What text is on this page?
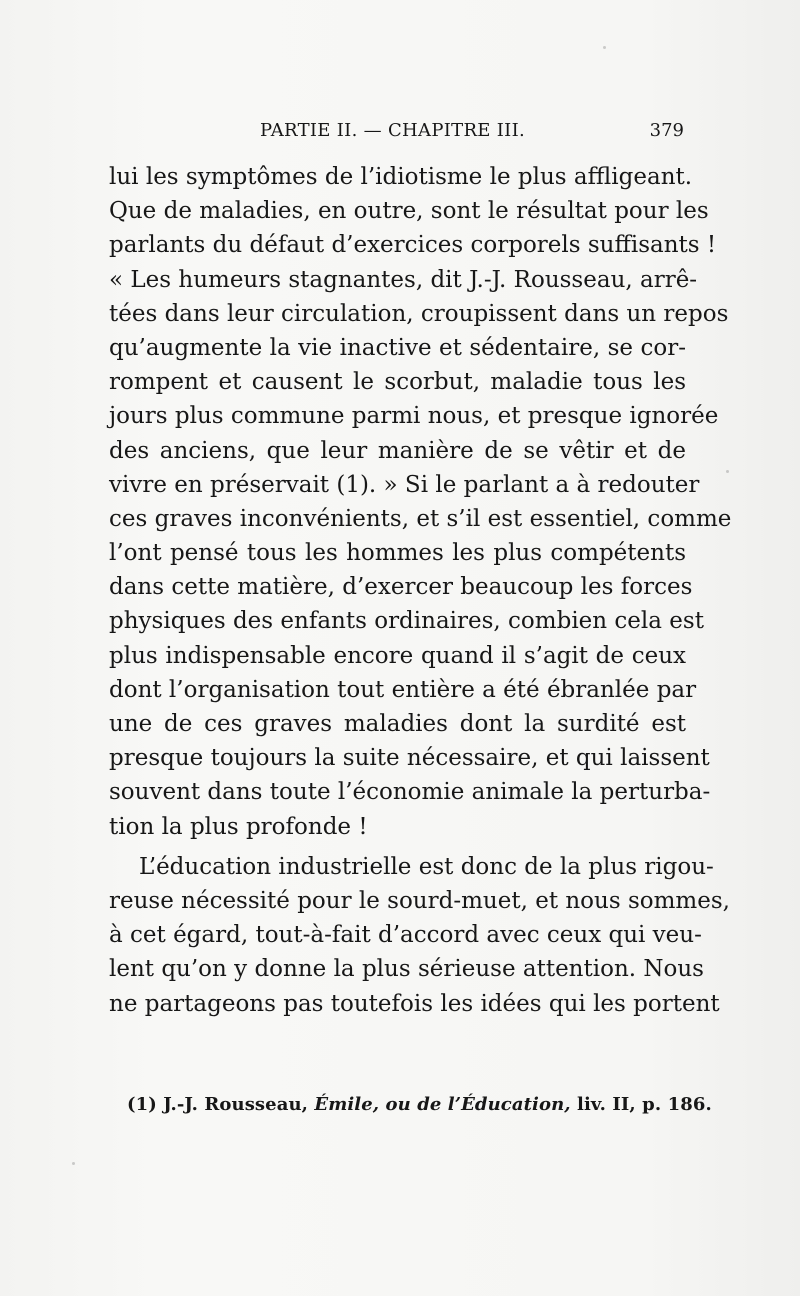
PARTIE II. — CHAPITRE III.	379
lui les symptômes de l’idiotisme le plus affligeant.
Que de maladies, en outre, sont le résultat pour les
parlants du défaut d’exercices corporels suffisants !
« Les humeurs stagnantes, dit J.-J. Rousseau, arrê-
tées dans leur circulation, croupissent dans un repos
qu’augmente la vie inactive et sédentaire, se cor-
rompent et causent le scorbut, maladie tous les
jours plus commune parmi nous, et presque ignorée
des anciens, que leur manière de se vêtir et de
vivre en préservait (1). » Si le parlant a à redouter
ces graves inconvénients, et s’il est essentiel, comme
l’ont pensé tous les hommes les plus compétents
dans cette matière, d’exercer beaucoup les forces
physiques des enfants ordinaires, combien cela est
plus indispensable encore quand il s’agit de ceux
dont l’organisation tout entière a été ébranlée par
une de ces graves maladies dont la surdité est
presque toujours la suite nécessaire, et qui laissent
souvent dans toute l’économie animale la perturba-
tion la plus profonde !
L’éducation industrielle est donc de la plus rigou-
reuse nécessité pour le sourd-muet, et nous sommes,
à cet égard, tout-à-fait d’accord avec ceux qui veu-
lent qu’on y donne la plus sérieuse attention. Nous
ne partageons pas toutefois les idées qui les portent
(1) J.-J. Rousseau, Émile, ou de l’Éducation, liv. II, p. 186.
